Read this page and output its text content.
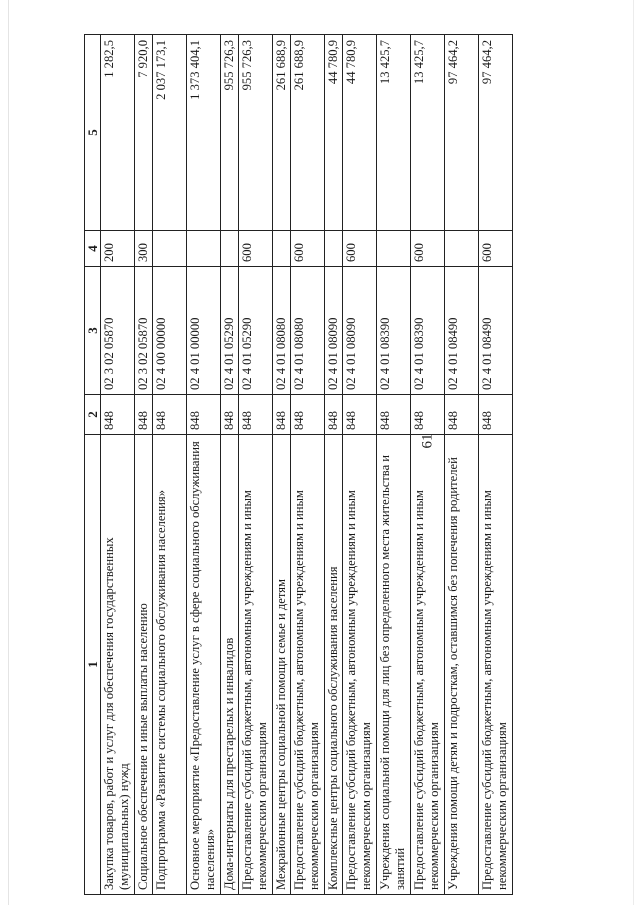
61
1	2	3	4	5
Закупка товаров, работ и услуг для обеспечения государственных (муниципальных) нужд	848	02 3 02 05870	200	1 282,5
Социальное обеспечение и иные выплаты населению	848	02 3 02 05870	300	7 920,0
Подпрограмма «Развитие системы социального обслуживания населения»	848	02 4 00 00000		2 037 173,1
Основное мероприятие «Предоставление услуг в сфере социального обслуживания населения»	848	02 4 01 00000		1 373 404,1
Дома-интернаты для престарелых и инвалидов	848	02 4 01 05290		955 726,3
Предоставление субсидий бюджетным, автономным учреждениям и иным некоммерческим организациям	848	02 4 01 05290	600	955 726,3
Межрайонные центры социальной помощи семье и детям	848	02 4 01 08080		261 688,9
Предоставление субсидий бюджетным, автономным учреждениям и иным некоммерческим организациям	848	02 4 01 08080	600	261 688,9
Комплексные центры социального обслуживания населения	848	02 4 01 08090		44 780,9
Предоставление субсидий бюджетным, автономным учреждениям и иным некоммерческим организациям	848	02 4 01 08090	600	44 780,9
Учреждения социальной помощи для лиц без определенного места жительства и занятий	848	02 4 01 08390		13 425,7
Предоставление субсидий бюджетным, автономным учреждениям и иным некоммерческим организациям	848	02 4 01 08390	600	13 425,7
Учреждения помощи детям и подросткам, оставшимся без попечения родителей	848	02 4 01 08490		97 464,2
Предоставление субсидий бюджетным, автономным учреждениям и иным некоммерческим организациям	848	02 4 01 08490	600	97 464,2
